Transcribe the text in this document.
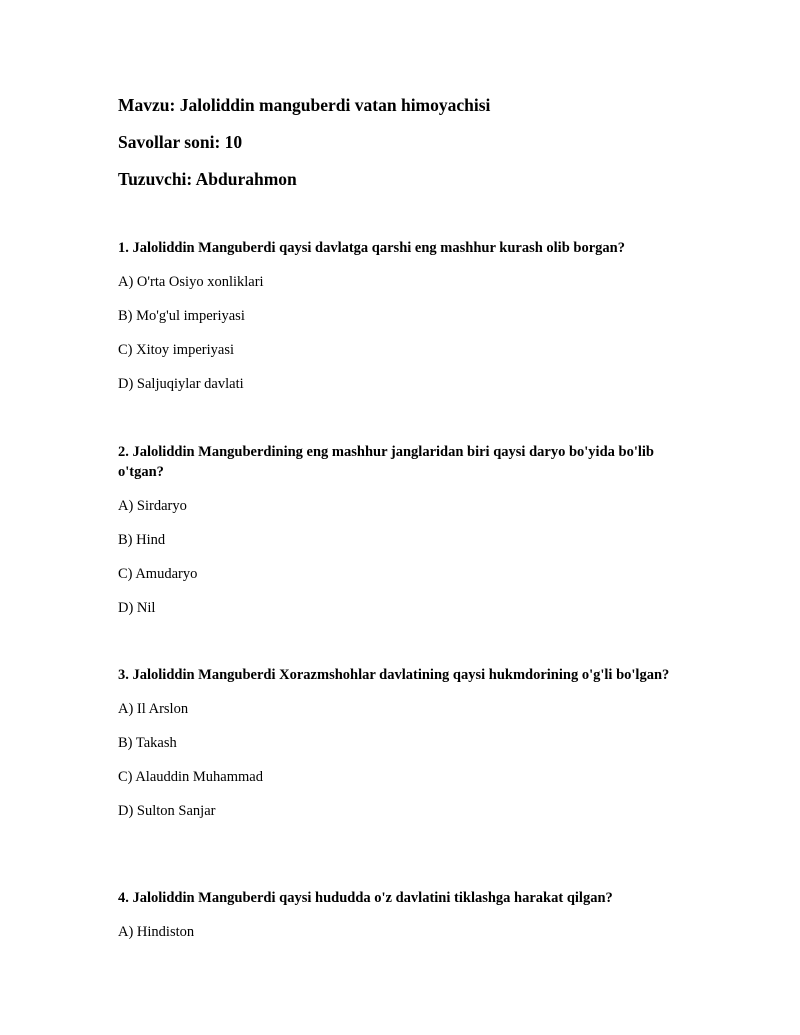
Mavzu: Jaloliddin manguberdi vatan himoyachisi
Savollar soni: 10
Tuzuvchi: Abdurahmon

1. Jaloliddin Manguberdi qaysi davlatga qarshi eng mashhur kurash olib borgan?

A) O'rta Osiyo xonliklari

B) Mo'g'ul imperiyasi

C) Xitoy imperiyasi

D) Saljuqiylar davlati

2. Jaloliddin Manguberdining eng mashhur janglaridan biri qaysi daryo bo'yida bo'lib o'tgan?

A) Sirdaryo

B) Hind

C) Amudaryo

D) Nil

3. Jaloliddin Manguberdi Xorazmshohlar davlatining qaysi hukmdorining o'g'li bo'lgan?

A) Il Arslon

B) Takash

C) Alauddin Muhammad

D) Sulton Sanjar

4. Jaloliddin Manguberdi qaysi hududda o'z davlatini tiklashga harakat qilgan?

A) Hindiston
